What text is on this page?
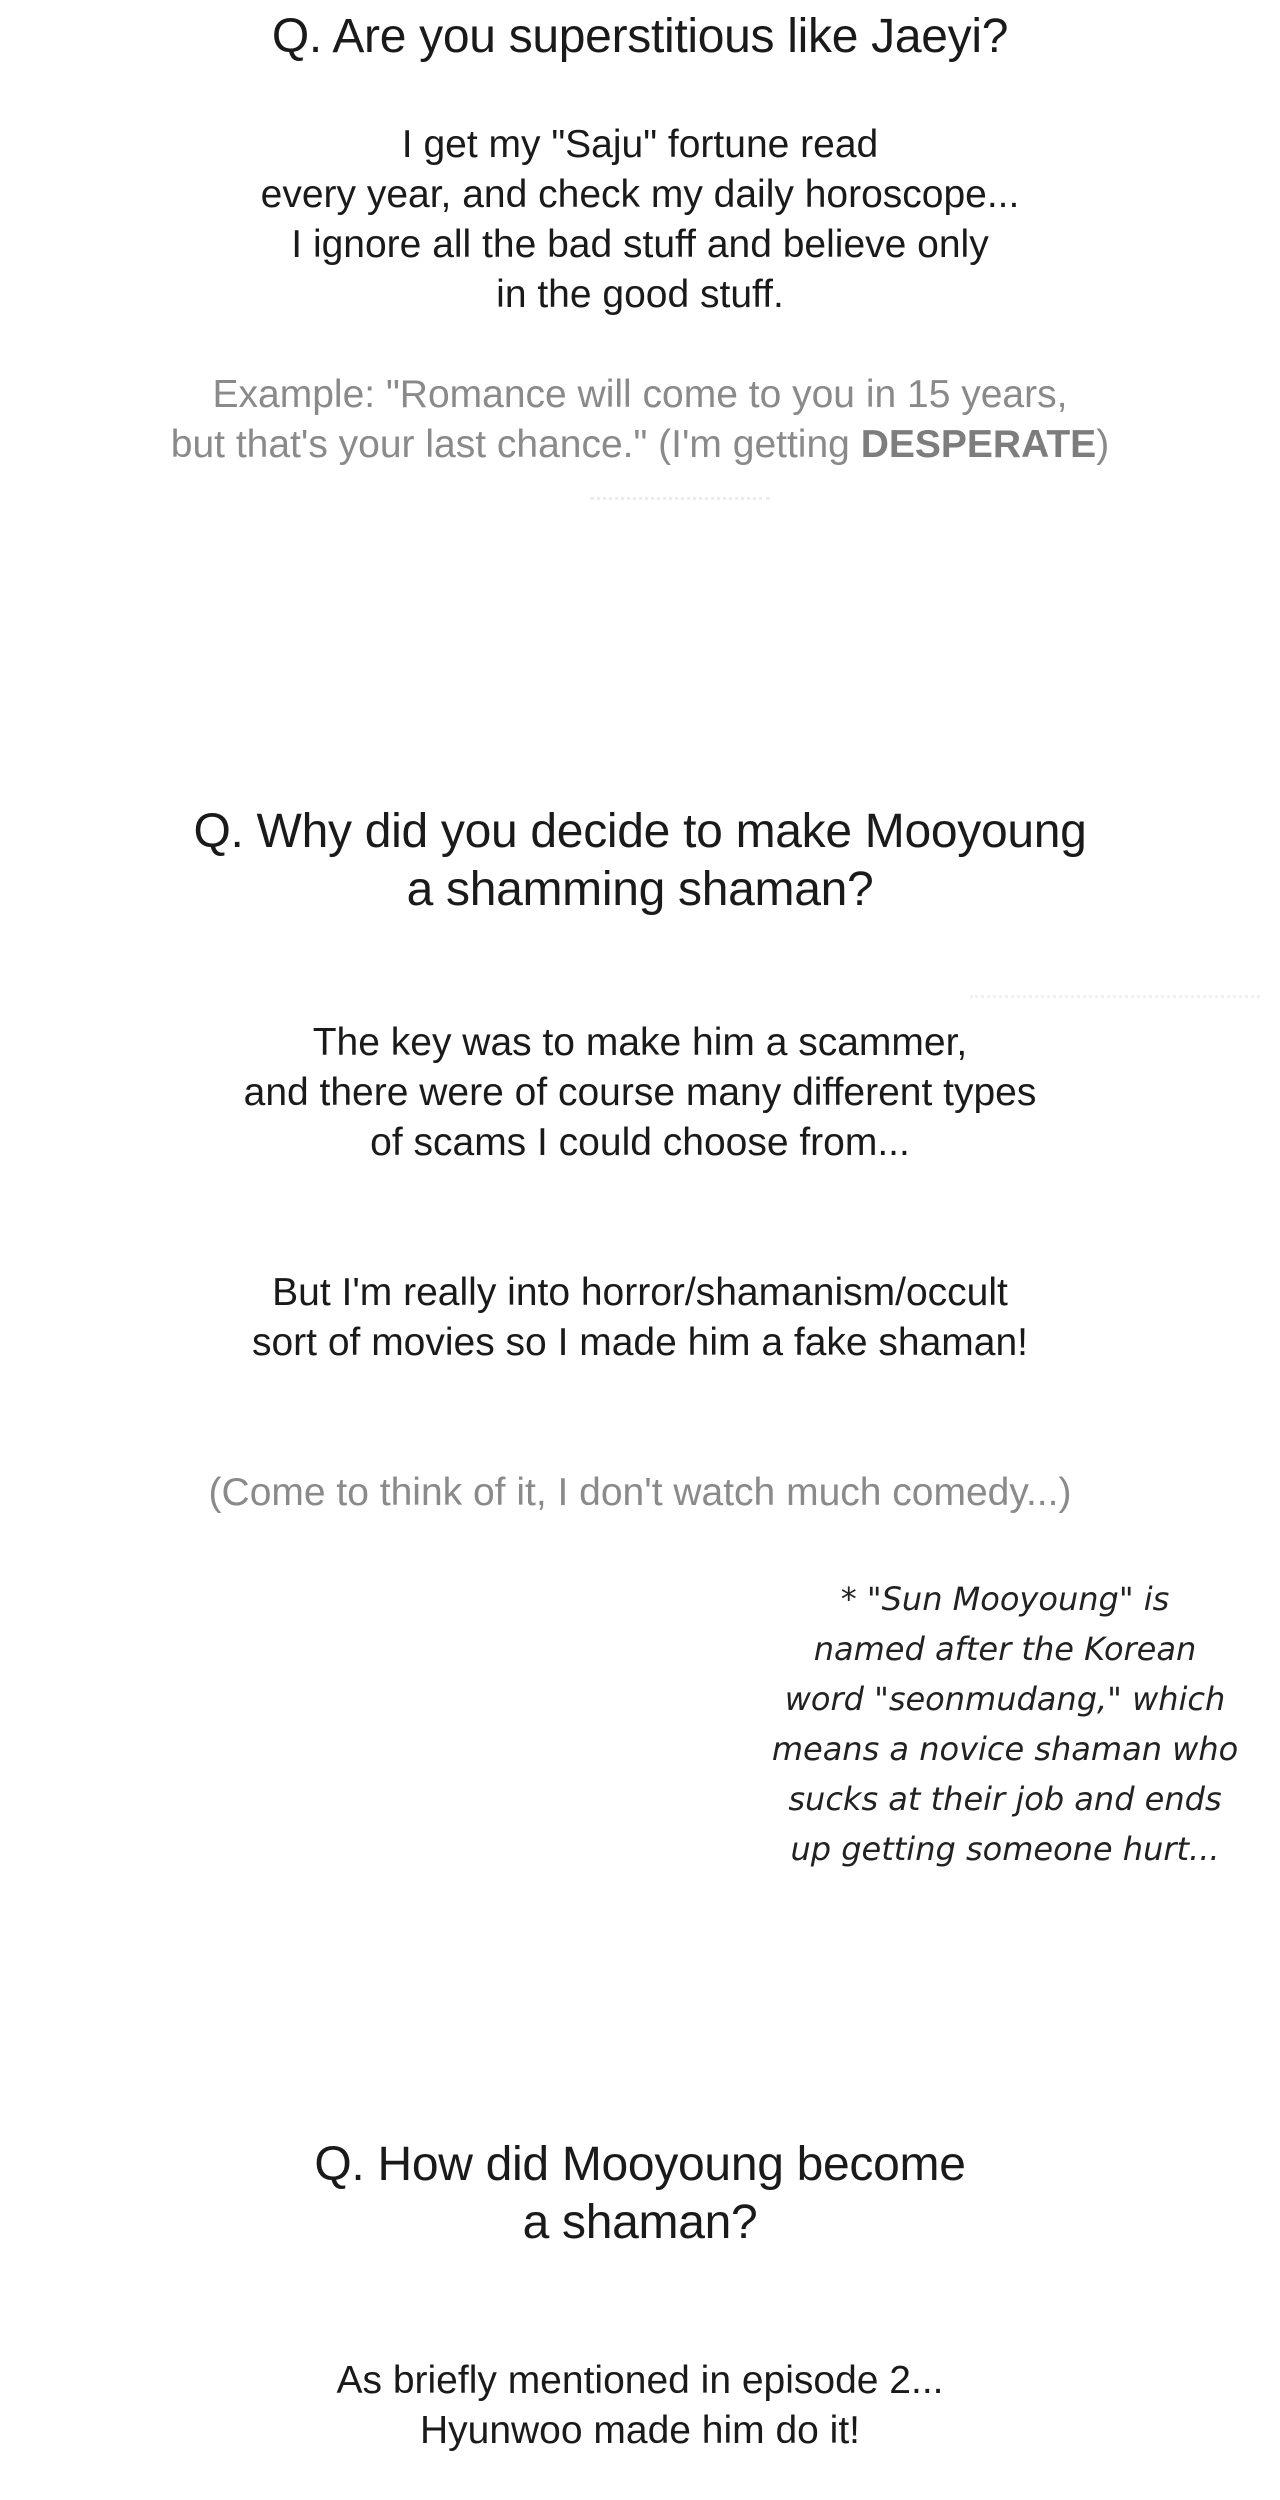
Q. Are you superstitious like Jaeyi?
I get my "Saju" fortune read
every year, and check my daily horoscope...
I ignore all the bad stuff and believe only
in the good stuff.
Example: "Romance will come to you in 15 years,
but that's your last chance." (I'm getting DESPERATE)
Q. Why did you decide to make Mooyoung
a shamming shaman?
The key was to make him a scammer,
and there were of course many different types
of scams I could choose from...
But I'm really into horror/shamanism/occult
sort of movies so I made him a fake shaman!
(Come to think of it, I don't watch much comedy...)
* "Sun Mooyoung" is
named after the Korean
word "seonmudang," which
means a novice shaman who
sucks at their job and ends
up getting someone hurt...
Q. How did Mooyoung become
a shaman?
As briefly mentioned in episode 2...
Hyunwoo made him do it!
